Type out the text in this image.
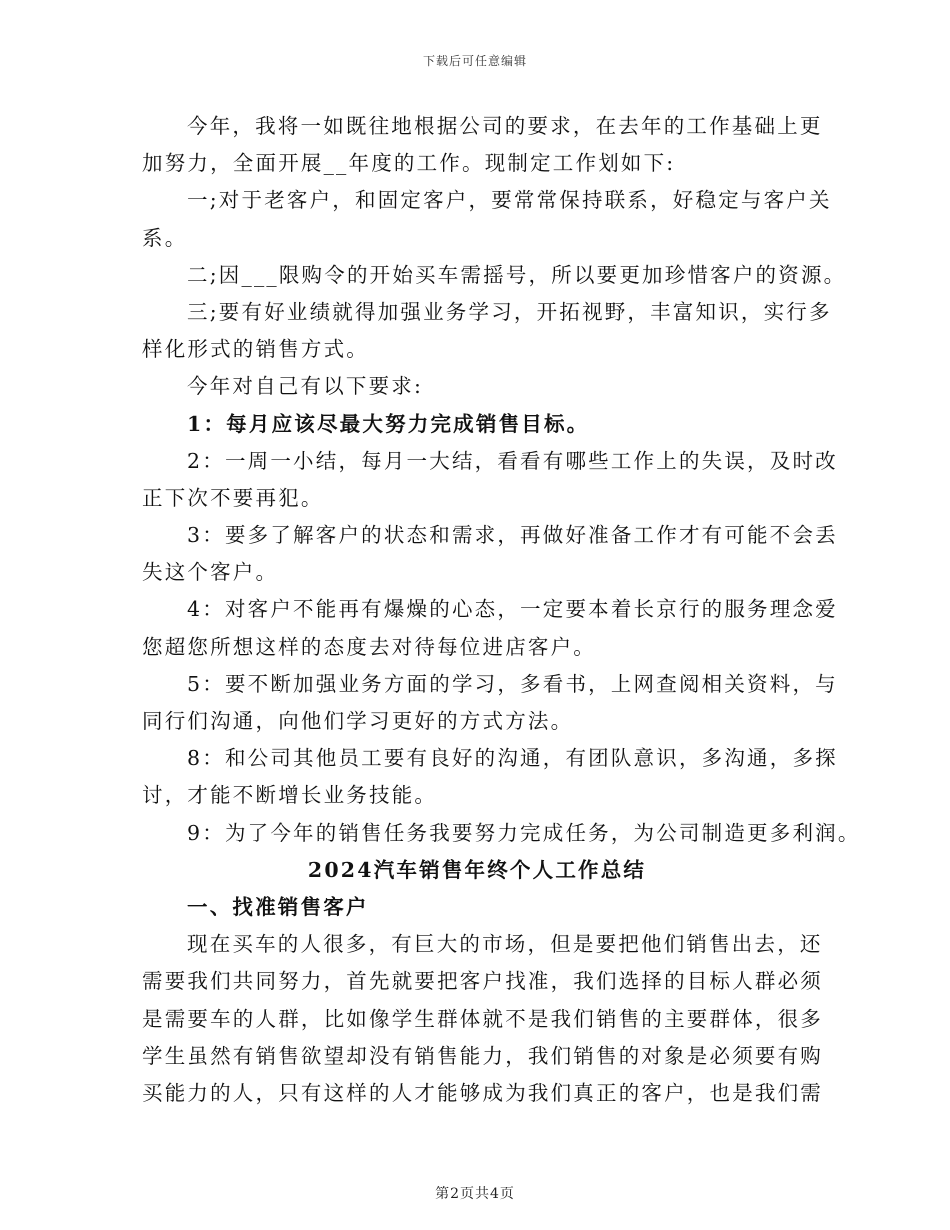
下载后可任意编辑
今年，我将一如既往地根据公司的要求，在去年的工作基础上更
加努力，全面开展__年度的工作。现制定工作划如下:
一;对于老客户，和固定客户，要常常保持联系，好稳定与客户关
系。
二;因___限购令的开始买车需摇号，所以要更加珍惜客户的资源。
三;要有好业绩就得加强业务学习，开拓视野，丰富知识，实行多
样化形式的销售方式。
今年对自己有以下要求:
1：每月应该尽最大努力完成销售目标。
2：一周一小结，每月一大结，看看有哪些工作上的失误，及时改
正下次不要再犯。
3：要多了解客户的状态和需求，再做好准备工作才有可能不会丢
失这个客户。
4：对客户不能再有爆燥的心态，一定要本着长京行的服务理念爱
您超您所想这样的态度去对待每位进店客户。
5：要不断加强业务方面的学习，多看书，上网查阅相关资料，与
同行们沟通，向他们学习更好的方式方法。
8：和公司其他员工要有良好的沟通，有团队意识，多沟通，多探
讨，才能不断增长业务技能。
9：为了今年的销售任务我要努力完成任务，为公司制造更多利润。
2024汽车销售年终个人工作总结
一、找准销售客户
现在买车的人很多，有巨大的市场，但是要把他们销售出去，还
需要我们共同努力，首先就要把客户找准，我们选择的目标人群必须
是需要车的人群，比如像学生群体就不是我们销售的主要群体，很多
学生虽然有销售欲望却没有销售能力，我们销售的对象是必须要有购
买能力的人，只有这样的人才能够成为我们真正的客户，也是我们需
第2页共4页
